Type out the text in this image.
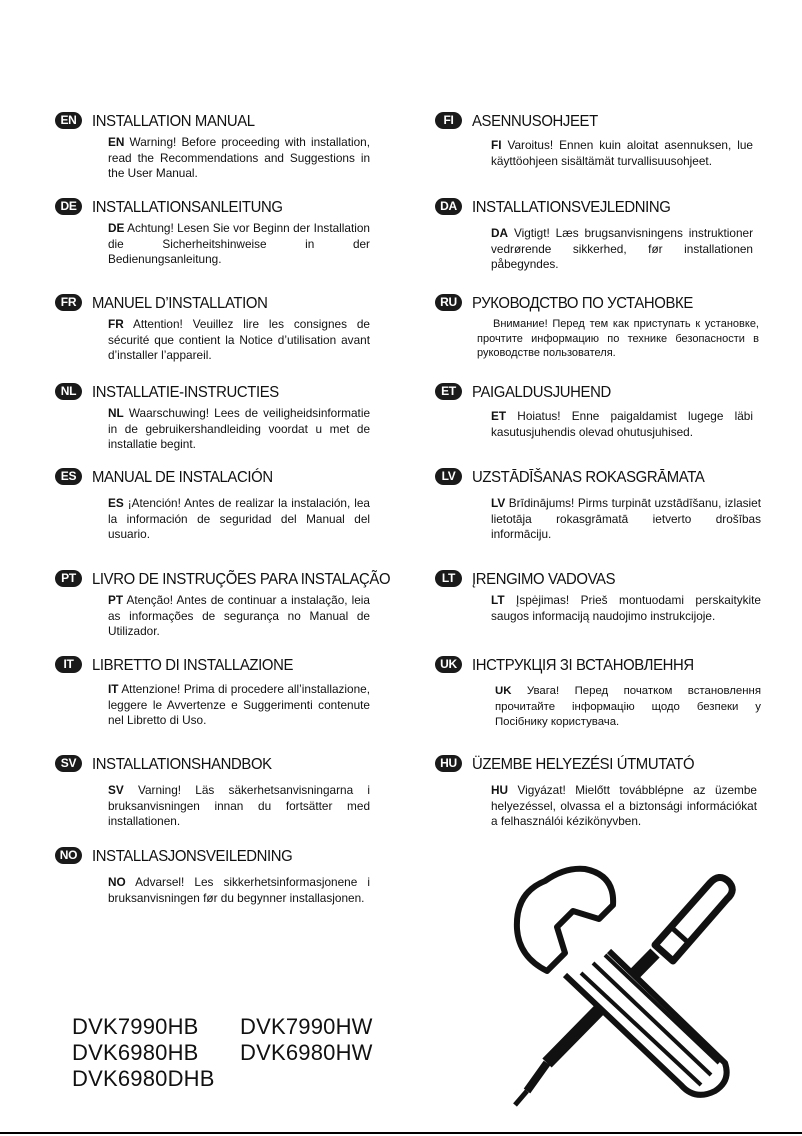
EN INSTALLATION MANUAL
EN Warning! Before proceeding with installation, read the Recommendations and Suggestions in the User Manual.
DE INSTALLATIONSANLEITUNG
DE Achtung! Lesen Sie vor Beginn der Installation die Sicherheitshinweise in der Bedienungsanleitung.
FR MANUEL D’INSTALLATION
FR Attention! Veuillez lire les consignes de sécurité que contient la Notice d’utilisation avant d’installer l’appareil.
NL INSTALLATIE-INSTRUCTIES
NL Waarschuwing! Lees de veiligheidsinformatie in de gebruikershandleiding voordat u met de installatie begint.
ES MANUAL DE INSTALACIÓN
ES ¡Atención! Antes de realizar la instalación, lea la información de seguridad del Manual del usuario.
PT	LIVRO DE INSTRUÇÕES PARA INSTALAÇÃO
PT Atenção! Antes de continuar a instalação, leia as informações de segurança no Manual de Utilizador.
IT	LIBRETTO DI INSTALLAZIONE
IT Attenzione! Prima di procedere all’installazione, leggere le Avvertenze e Suggerimenti contenute nel Libretto di Uso.
SV INSTALLATIONSHANDBOK
SV Varning! Läs säkerhetsanvisningarna i bruksanvisningen innan du fortsätter med installationen.
NO INSTALLASJONSVEILEDNING
NO Advarsel! Les sikkerhetsinformasjonene i bruksanvisningen før du begynner installasjonen.
FI	ASENNUSOHJEET
FI Varoitus! Ennen kuin aloitat asennuksen, lue käyttöohjeen sisältämät turvallisuusohjeet.
DA INSTALLATIONSVEJLEDNING
DA Vigtigt! Læs brugsanvisningens instruktioner vedrørende sikkerhed, før installationen påbegyndes.
RU РУКОВОДСТВО ПО УСТАНОВКЕ
Внимание! Перед тем как приступать к установке, прочтите информацию по технике безопасности в руководстве пользователя.
ET	PAIGALDUSJUHEND
ET Hoiatus! Enne paigaldamist lugege läbi kasutusjuhendis olevad ohutusjuhised.
LV	UZSTĀDĪŠANAS ROKASGRĀMATA
LV Brīdinājums! Pirms turpināt uzstādīšanu, izlasiet lietotāja rokasgrāmatā ietverto drošības informāciju.
LT	ĮRENGIMO VADOVAS
LT Įspėjimas! Prieš montuodami perskaitykite saugos informaciją naudojimo instrukcijoje.
UK ІНСТРУКЦІЯ ЗІ ВСТАНОВЛЕННЯ
UK Увага! Перед початком встановлення прочитайте інформацію щодо безпеки у Посібнику користувача.
HU ÜZEMBE HELYEZÉSI ÚTMUTATÓ
HU Vigyázat! Mielőtt továbblépne az üzembe helyezéssel, olvassa el a biztonsági információkat a felhasználói kézikönyvben.
DVK7990HB
DVK6980HB
DVK6980DHB
DVK7990HW
DVK6980HW
